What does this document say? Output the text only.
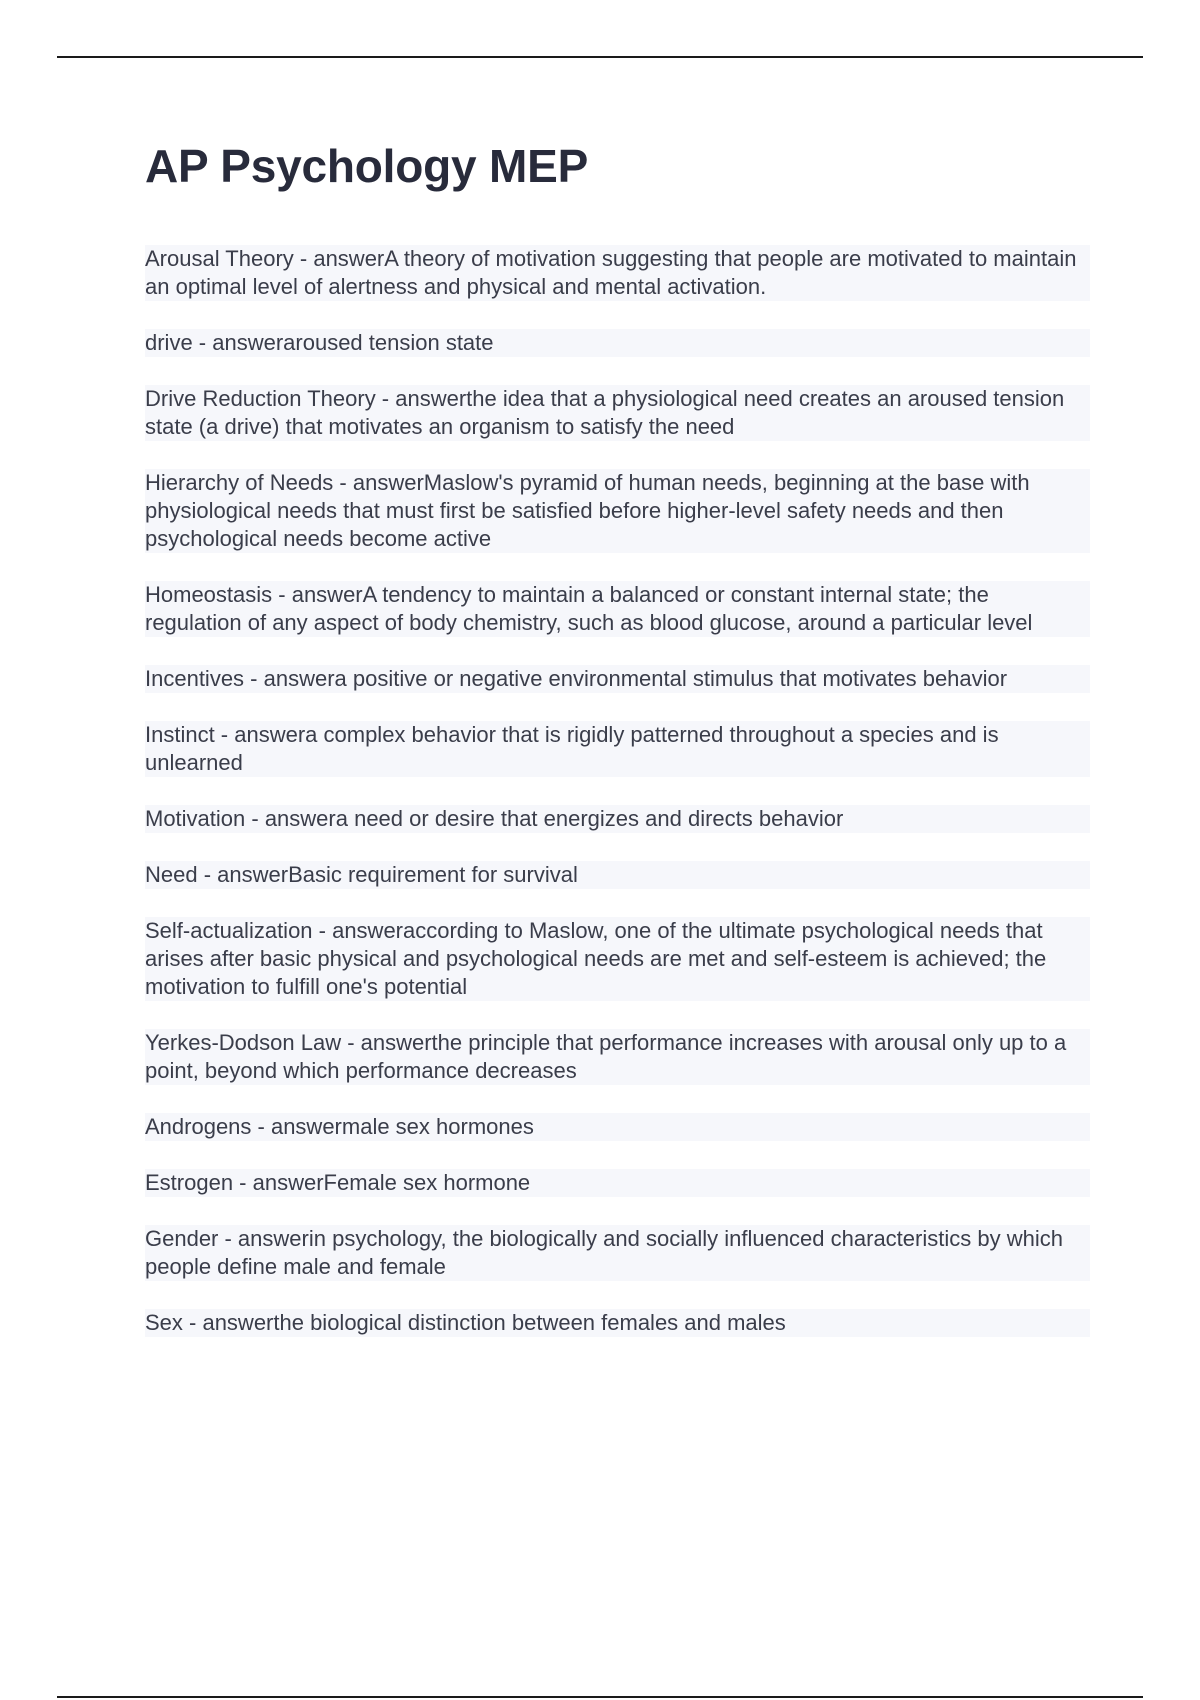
AP Psychology MEP

Arousal Theory - answerA theory of motivation suggesting that people are motivated to maintain an optimal level of alertness and physical and mental activation.

drive - answeraroused tension state

Drive Reduction Theory - answerthe idea that a physiological need creates an aroused tension state (a drive) that motivates an organism to satisfy the need

Hierarchy of Needs - answerMaslow's pyramid of human needs, beginning at the base with physiological needs that must first be satisfied before higher-level safety needs and then psychological needs become active

Homeostasis - answerA tendency to maintain a balanced or constant internal state; the regulation of any aspect of body chemistry, such as blood glucose, around a particular level

Incentives - answera positive or negative environmental stimulus that motivates behavior

Instinct - answera complex behavior that is rigidly patterned throughout a species and is unlearned

Motivation - answera need or desire that energizes and directs behavior

Need - answerBasic requirement for survival

Self-actualization - answeraccording to Maslow, one of the ultimate psychological needs that arises after basic physical and psychological needs are met and self-esteem is achieved; the motivation to fulfill one's potential

Yerkes-Dodson Law - answerthe principle that performance increases with arousal only up to a point, beyond which performance decreases

Androgens - answermale sex hormones

Estrogen - answerFemale sex hormone

Gender - answerin psychology, the biologically and socially influenced characteristics by which people define male and female

Sex - answerthe biological distinction between females and males
